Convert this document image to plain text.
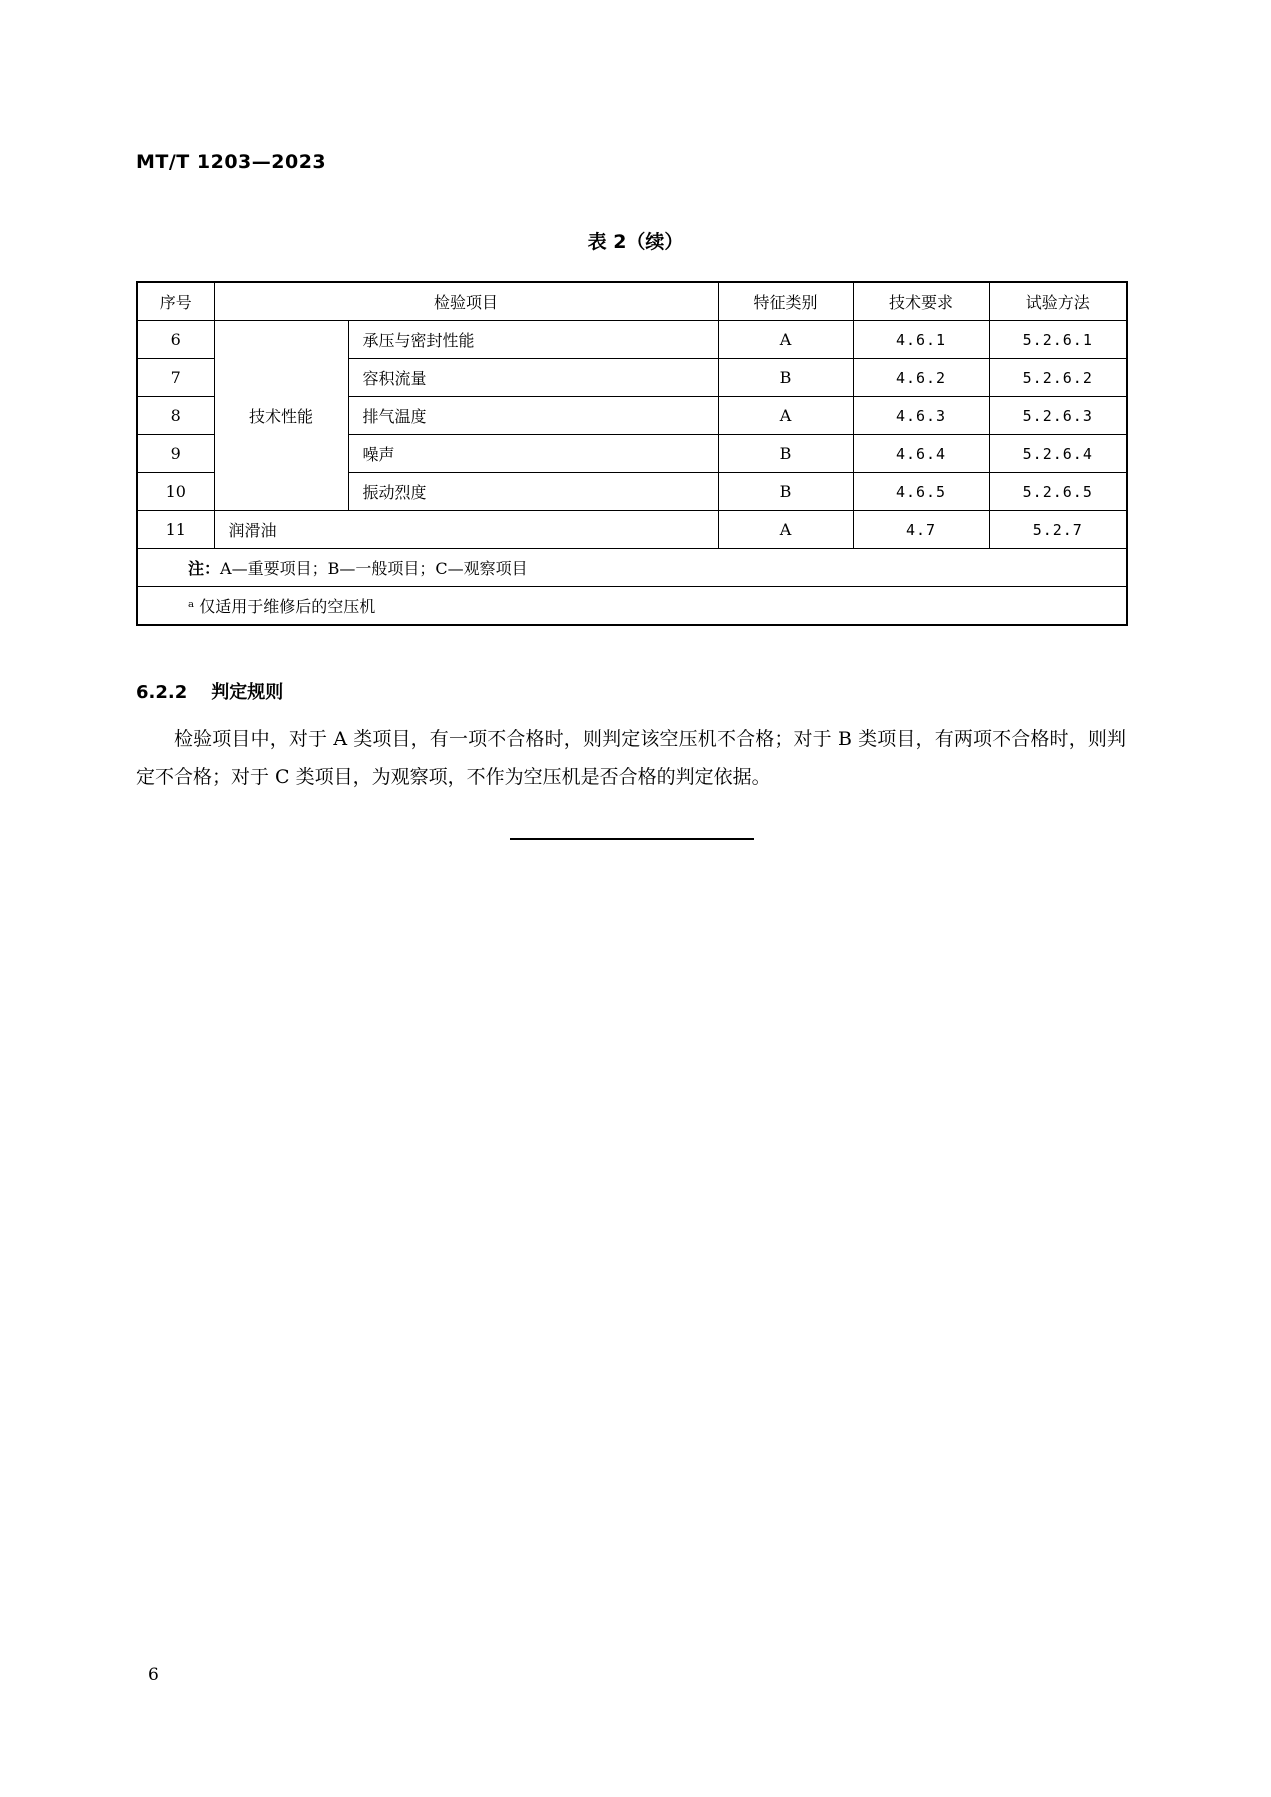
MT/T 1203—2023
表 2（续）
序号	检验项目		特征类别	技术要求	试验方法
6	技术性能	承压与密封性能	A	4.6.1	5.2.6.1
7		容积流量	B	4.6.2	5.2.6.2
8		排气温度	A	4.6.3	5.2.6.3
9		噪声	B	4.6.4	5.2.6.4
10		振动烈度	B	4.6.5	5.2.6.5
11	润滑油		A	4.7	5.2.7
注：A—重要项目；B—一般项目；C—观察项目					
ᵃ 仅适用于维修后的空压机					
6.2.2 判定规则
检验项目中，对于 A 类项目，有一项不合格时，则判定该空压机不合格；对于 B 类项目，有两项不合格时，则判定不合格；对于 C 类项目，为观察项，不作为空压机是否合格的判定依据。
6
